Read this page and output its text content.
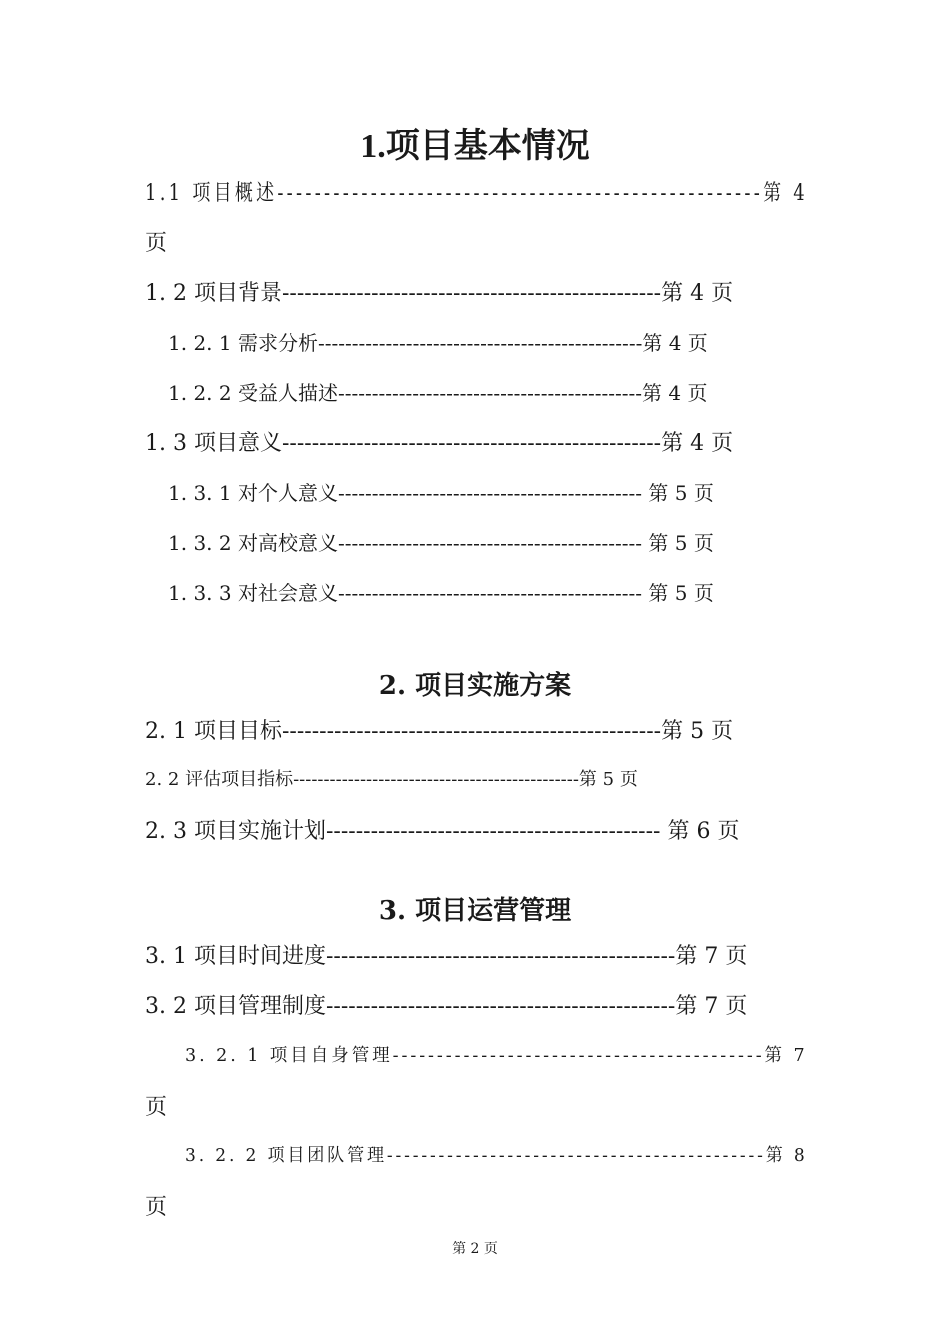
1.项目基本情况
1.1 项目概述----------------------------------------------------第 4
页
1. 2 项目背景---------------------------------------------------第 4 页
1. 2. 1 需求分析------------------------------------------------第 4 页
1. 2. 2 受益人描述---------------------------------------------第 4 页
1. 3 项目意义---------------------------------------------------第 4 页
1. 3. 1 对个人意义--------------------------------------------- 第 5 页
1. 3. 2 对高校意义--------------------------------------------- 第 5 页
1. 3. 3 对社会意义--------------------------------------------- 第 5 页
2. 项目实施方案
2. 1 项目目标---------------------------------------------------第 5 页
2. 2 评估项目指标-----------------------------------------------第 5 页
2. 3 项目实施计划--------------------------------------------- 第 6 页
3. 项目运营管理
3. 1 项目时间进度-----------------------------------------------第 7 页
3. 2 项目管理制度-----------------------------------------------第 7 页
3. 2. 1 项目自身管理------------------------------------------第 7
页
3. 2. 2 项目团队管理--------------------------------------------第 8
页
第 2 页
